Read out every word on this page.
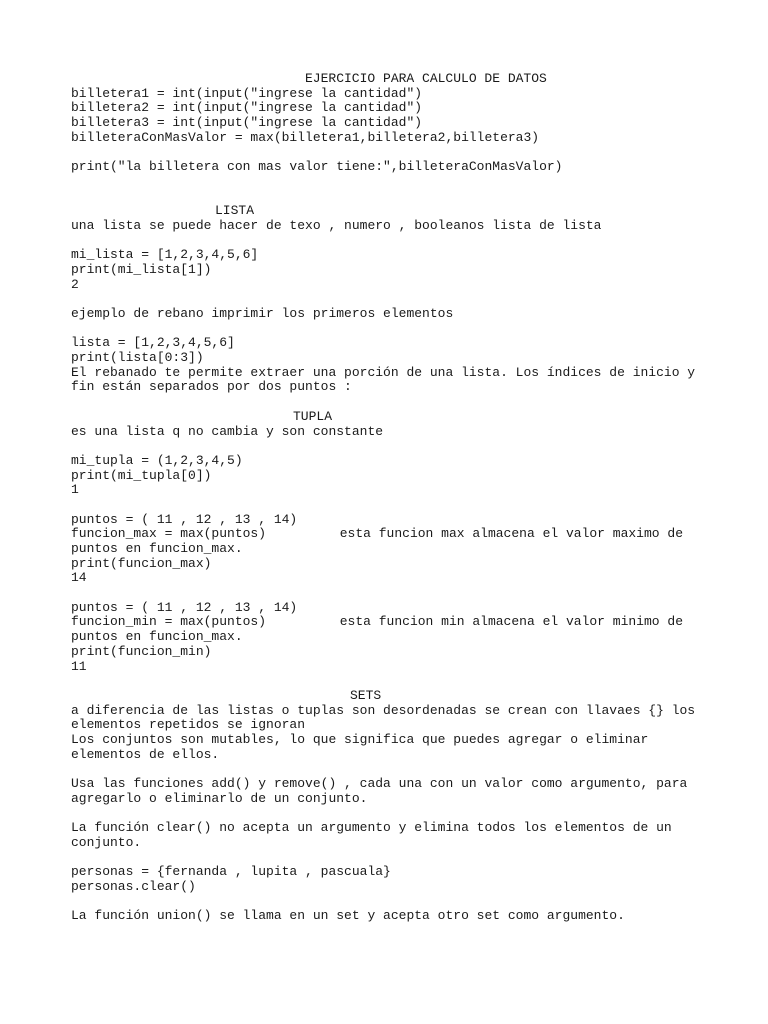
EJERCICIO PARA CALCULO DE DATOS
billetera1 = int(input("ingrese la cantidad")
billetera2 = int(input("ingrese la cantidad")
billetera3 = int(input("ingrese la cantidad")
billeteraConMasValor = max(billetera1,billetera2,billetera3)
print("la billetera con mas valor tiene:",billeteraConMasValor)
LISTA
una lista se puede hacer de texo , numero , booleanos lista de lista
mi_lista = [1,2,3,4,5,6]
print(mi_lista[1])
2
ejemplo de rebano imprimir los primeros elementos
lista = [1,2,3,4,5,6]
print(lista[0:3])
El rebanado te permite extraer una porción de una lista. Los índices de inicio y
fin están separados por dos puntos :
TUPLA
es una lista q no cambia y son constante
mi_tupla = (1,2,3,4,5)
print(mi_tupla[0])
1
puntos = ( 11 , 12 , 13 , 14)
funcion_max = max(puntos)	esta funcion max almacena el valor maximo de
puntos en funcion_max.
print(funcion_max)
14
puntos = ( 11 , 12 , 13 , 14)
funcion_min = max(puntos)	esta funcion min almacena el valor minimo de
puntos en funcion_max.
print(funcion_min)
11
SETS
a diferencia de las listas o tuplas son desordenadas se crean con llavaes {} los
elementos repetidos se ignoran
Los conjuntos son mutables, lo que significa que puedes agregar o eliminar
elementos de ellos.
Usa las funciones add() y remove() , cada una con un valor como argumento, para
agregarlo o eliminarlo de un conjunto.
La función clear() no acepta un argumento y elimina todos los elementos de un
conjunto.
personas = {fernanda , lupita , pascuala}
personas.clear()
La función union() se llama en un set y acepta otro set como argumento.
